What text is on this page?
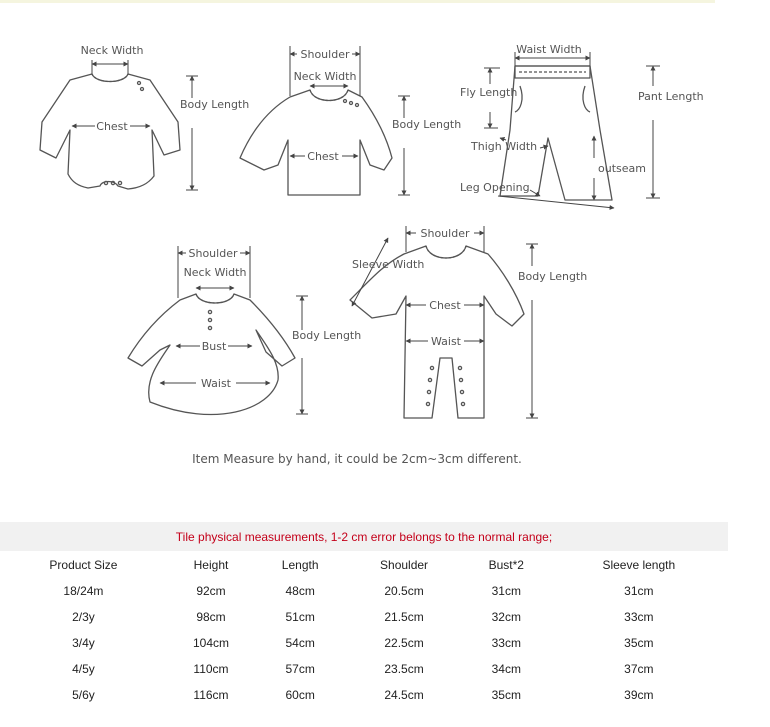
Neck Width
Chest
Body Length
Shoulder
Neck Width
Chest
Body Length
Waist Width
Fly Length	Pant Length
Thigh Width
outseam
Leg Opening
Shoulder
Neck Width
Bust
Waist
Body Length
Shoulder
Sleeve Width
Chest
Waist
Body Length
Item Measure by hand, it could be 2cm~3cm different.
Tile physical measurements, 1-2 cm error belongs to the normal range;
Product Size	Height	Length	Shoulder	Bust*2	Sleeve length
18/24m	92cm	48cm	20.5cm	31cm	31cm
2/3y	98cm	51cm	21.5cm	32cm	33cm
3/4y	104cm	54cm	22.5cm	33cm	35cm
4/5y	110cm	57cm	23.5cm	34cm	37cm
5/6y	116cm	60cm	24.5cm	35cm	39cm
